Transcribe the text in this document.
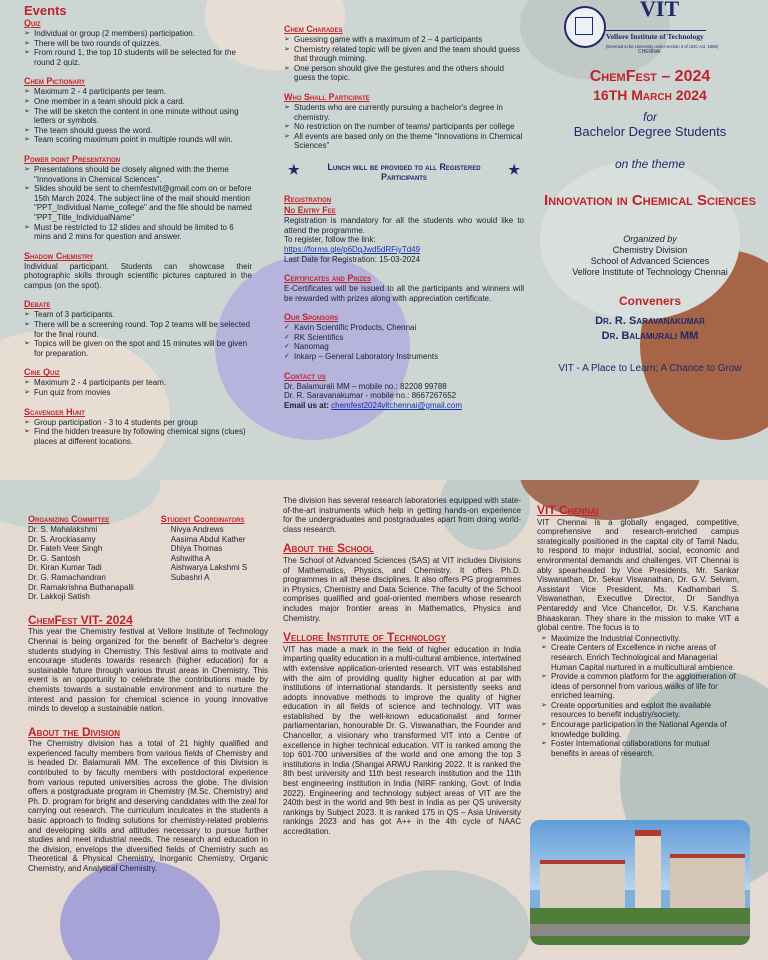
Events
Quiz
➢ Individual or group (2 members) participation.
➢ There will be two rounds of quizzes.
➢ From round 1, the top 10 students will be selected for the round 2 quiz.
Chem Pictionary
➢ Maximum 2 - 4 participants per team.
➢ One member in a team should pick a card.
➢ The will be sketch the content in one minute without using letters or symbols.
➢ The team should guess the word.
➢ Team scoring maximum point in multiple rounds will win.
Power point Presentation
➢ Presentations should be closely aligned with the theme "Innovations in Chemical Sciences".
➢ Slides should be sent to chemfestvit@gmail.com on or before 15th March 2024. The subject line of the mail should mention "PPT_Individual Name_college" and the file should be named "PPT_Title_IndividualName"
➢ Must be restricted to 12 slides and should be limited to 6 mins and 2 mins for question and answer.
Shadow Chemistry

Individual participant. Students can showcase their photographic skills through scientific pictures captured in the campus (on the spot).

Debate
➢ Team of 3 participants.
➢ There will be a screening round. Top 2 teams will be selected for the final round.
➢ Topics will be given on the spot and 15 minutes will be given for preparation.
Cine Quiz
➢ Maximum 2 - 4 participants per team.
➢ Fun quiz from movies
Scavenger Hunt
➢ Group participation - 3 to 4 students per group
➢ Find the hidden treasure by following chemical signs (clues) places at different locations.
Chem Charades
➢ Guessing game with a maximum of 2 – 4 participants
➢ Chemistry related topic will be given and the team should guess that through miming.
➢ One person should give the gestures and the others should guess the topic.
Who Shall Participate
➢ Students who are currently pursuing a bachelor's degree in chemistry.
➢ No restriction on the number of teams/ participants per college
➢ All events are based only on the theme "Innovations in Chemical Sciences"
★	Lunch will be provided to all Registered Participants	★
Registration
No Entry Fee

Registration is mandatory for all the students who would like to attend the programme.

To register, follow the link:
https://forms.gle/p6DqJwd5dRFiyTd49
Last Date for Registration: 15-03-2024
Certificates and Prizes

E-Certificates will be issued to all the participants and winners will be rewarded with prizes along with appreciation certificate.

Our Sponsors
✓ Kavin Scientific Products, Chennai
✓ RK Scientifics
✓ Nanomag
✓ Inkarp – General Laboratory Instruments
Contact us
Dr. Balamurali MM – mobile no.: 82208 99788
Dr. R. Saravanakumar - mobile no.: 8667267652
Email us at: chemfest2024vitchennai@gmail.com
VIT
Vellore Institute of Technology
(Deemed to be University under section 3 of UGC Act, 1956)
CHENNAI
ChemFest – 2024
16TH March 2024
for
Bachelor Degree Students
on the theme
Innovation in Chemical Sciences
Organized by
Chemistry Division
School of Advanced Sciences
Vellore Institute of Technology Chennai
Conveners
Dr. R. Saravanakumar
Dr. Balamurali MM
VIT - A Place to Learn; A Chance to Grow
Organizing Committee
Dr. S. Mahalakshmi
Dr. S. Arockiasamy
Dr. Fateh Veer Singh
Dr. G. Santosh
Dr. Kiran Kumar Tadi
Dr. G. Ramachandran
Dr. Ramakrishna Buthanapalli
Dr. Lakkoji Satish
Student Coordinators
Nivya Andrews
Aasima Abdul Kather
Dhiya Thomas
Ashwitha A
Aishwarya Lakshmi S
Subashri A
ChemFest VIT- 2024

This year the Chemistry festival at Vellore Institute of Technology Chennai is being organized for the benefit of Bachelor's degree students studying in Chemistry. This festival aims to motivate and encourage students towards research (higher education) for a sustainable future through various thrust areas in Chemistry. This event is an opportunity to celebrate the contributions made by chemists towards a sustainable environment and to nurture the interest and passion for chemical science in young innovative minds to develop a sustainable nation.

About the Division

The Chemistry division has a total of 21 highly qualified and experienced faculty members from various fields of Chemistry and is headed Dr. Balamurali MM. The excellence of this Division is contributed to by faculty members with postdoctoral experience from various reputed universities across the globe. The division offers a postgraduate program in Chemistry (M.Sc. Chemistry) and Ph. D. program for bright and deserving candidates with the zeal for carrying out research. The curriculum inculcates in the students a basic approach to finding solutions for chemistry-related problems and developing skills and attitudes necessary to pursue further studies and meet industrial needs. The research and education in the division, envelops the diversified fields of Chemistry such as Theoretical & Physical Chemistry, Inorganic Chemistry, Organic Chemistry, and Analytical Chemistry.

The division has several research laboratories equipped with state-of-the-art instruments which help in getting hands-on experience for the undergraduates and postgraduates apart from doing world-class research.

About the School

The School of Advanced Sciences (SAS) at VIT includes Divisions of Mathematics, Physics, and Chemistry. It offers Ph.D. programmes in all these disciplines. It also offers PG programmes in Physics, Chemistry and Data Science. The faculty of the School comprises qualified and goal-oriented members whose research includes major frontier areas in Mathematics, Physics and Chemistry.

Vellore Institute of Technology

VIT has made a mark in the field of higher education in India imparting quality education in a multi-cultural ambience, intertwined with extensive application-oriented research. VIT was established with the aim of providing quality higher education at par with institutions of international standards. It persistently seeks and adopts innovative methods to improve the quality of higher education in all fields of science and technology. VIT was established by the well-known educationalist and former parliamentarian, honourable Dr. G. Viswanathan, the Founder and Chancellor, a visionary who transformed VIT into a Centre of excellence in higher technical education. VIT is ranked among the top 601-700 universities of the world and one among the top 3 institutions in India (Shangai ARWU Ranking 2022. It is ranked the 8th best university and 11th best research institution and the 11th best engineering institution in India (NIRF ranking, Govt. of India 2022). Engineering and technology subject areas of VIT are the 240th best in the world and 9th best in India as per QS university rankings by Subject 2023. It is ranked 175 in QS – Asia University rankings 2023 and has got A++ in the 4th cycle of NAAC accreditation.

VIT Chennai

VIT Chennai is a globally engaged, competitive, comprehensive and research-enriched campus strategically positioned in the capital city of Tamil Nadu, to respond to major industrial, social, economic and environmental demands and challenges. VIT Chennai is ably spearheaded by Vice Presidents, Mr. Sankar Viswanathan, Dr. Sekar Viswanathan, Dr. G.V. Selvam, Assistant Vice President, Ms. Kadhambari S. Viswanathan, Executive Director, Dr Sandhya Pentareddy and Vice Chancellor, Dr. V.S. Kanchana Bhaaskaran. They share in the mission to make VIT a global centre. The focus is to

➢ Maximize the Industrial Connectivity.
➢ Create Centers of Excellence in niche areas of research. Enrich Technological and Managerial Human Capital nurtured in a multicultural ambience.
➢ Provide a common platform for the agglomeration of ideas of personnel from various walks of life for enriched learning.
➢ Create opportunities and exploit the available resources to benefit industry/society.
➢ Encourage participation in the National Agenda of knowledge building.
➢ Foster International collaborations for mutual benefits in areas of research.
